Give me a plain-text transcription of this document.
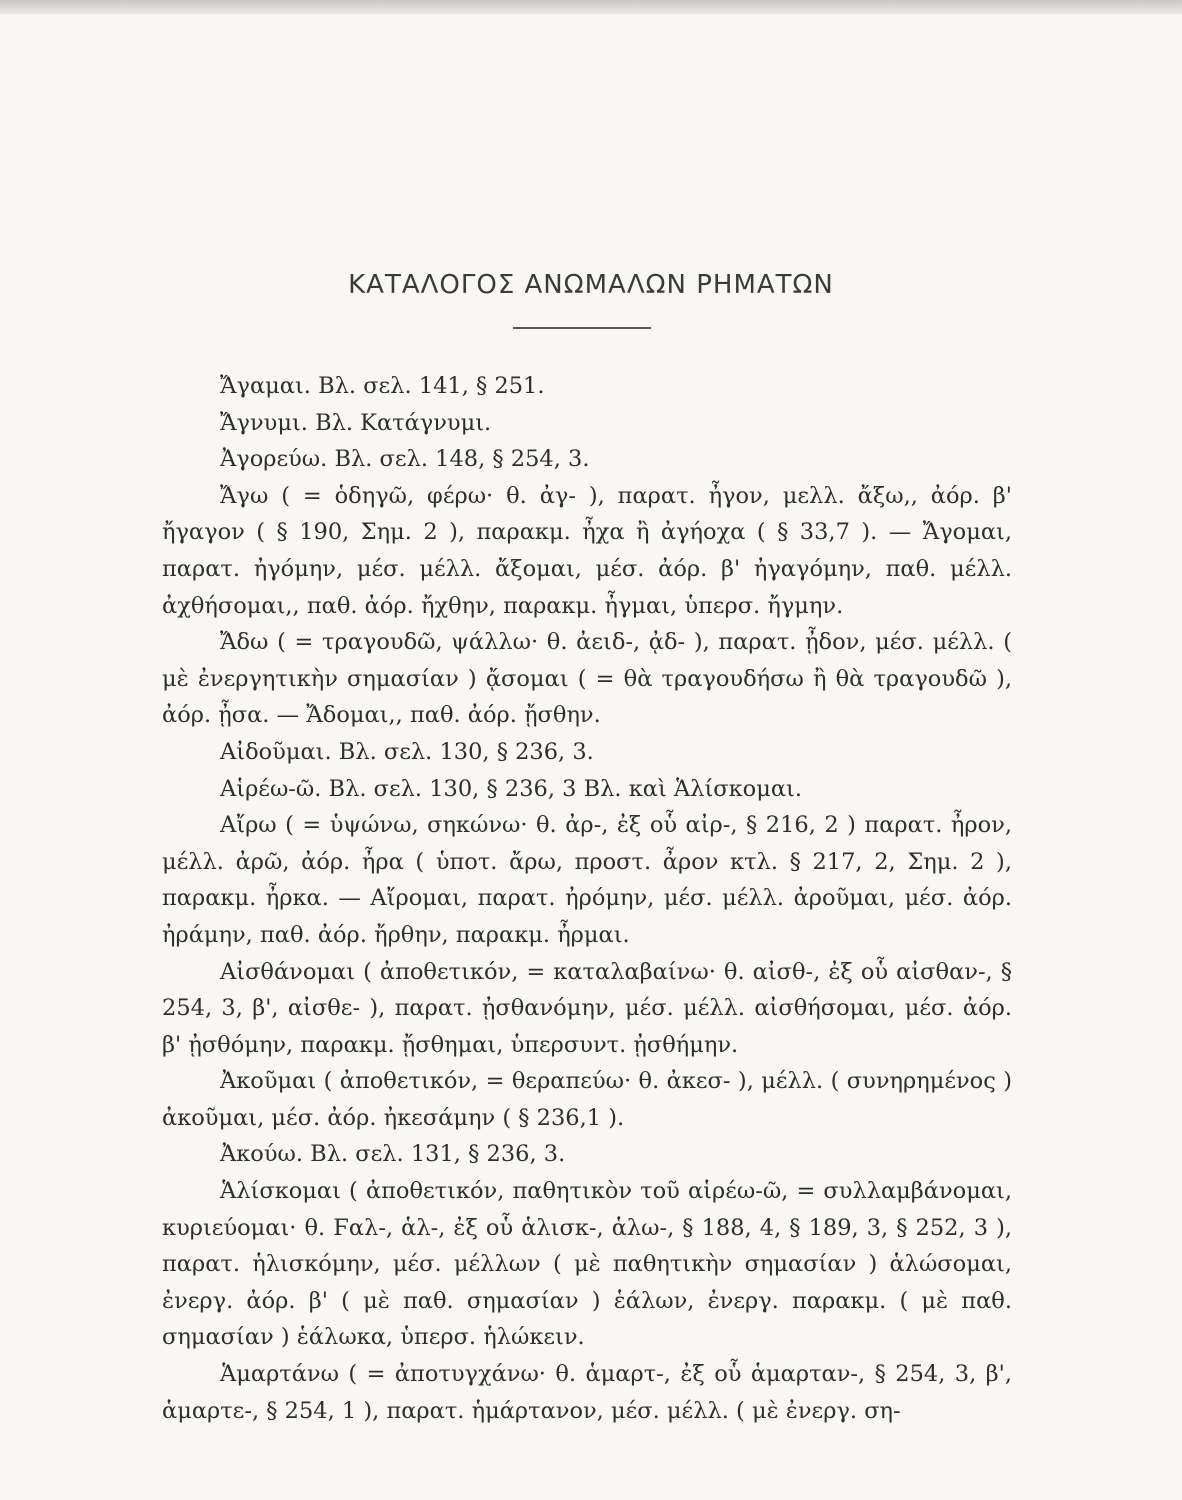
ΚΑΤΑΛΟΓΟΣ ΑΝΩΜΑΛΩΝ ΡΗΜΑΤΩΝ

Ἄγαμαι. Βλ. σελ. 141, § 251.

Ἄγνυμι. Βλ. Κατάγνυμι.

Ἀγορεύω. Βλ. σελ. 148, § 254, 3.

Ἄγω ( = ὁδηγῶ, φέρω· θ. ἀγ- ), παρατ. ἦγον, μελλ. ἄξω,, ἀόρ. β' ἤγαγον ( § 190, Σημ. 2 ), παρακμ. ἦχα ἢ ἀγήοχα ( § 33,7 ). — Ἄγομαι, παρατ. ἠγόμην, μέσ. μέλλ. ἄξομαι, μέσ. ἀόρ. β' ἠγαγόμην, παθ. μέλλ. ἀχθήσομαι,, παθ. ἀόρ. ἤχθην, παρακμ. ἦγμαι, ὑπερσ. ἤγμην.

Ἄδω ( = τραγουδῶ, ψάλλω· θ. ἀειδ-, ᾀδ- ), παρατ. ᾖδον, μέσ. μέλλ. ( μὲ ἐνεργητικὴν σημασίαν ) ᾄσομαι ( = θὰ τραγουδήσω ἢ θὰ τραγουδῶ ), ἀόρ. ᾖσα. — Ἄδομαι,, παθ. ἀόρ. ᾔσθην.

Αἰδοῦμαι. Βλ. σελ. 130, § 236, 3.

Αἱρέω-ῶ. Βλ. σελ. 130, § 236, 3 Βλ. καὶ Ἁλίσκομαι.

Αἴρω ( = ὑψώνω, σηκώνω· θ. ἀρ-, ἐξ οὗ αἰρ-, § 216, 2 ) παρατ. ἦρον, μέλλ. ἀρῶ, ἀόρ. ἦρα ( ὑποτ. ἄρω, προστ. ἆρον κτλ. § 217, 2, Σημ. 2 ), παρακμ. ἦρκα. — Αἴρομαι, παρατ. ἠρόμην, μέσ. μέλλ. ἀροῦμαι, μέσ. ἀόρ. ἠράμην, παθ. ἀόρ. ἤρθην, παρακμ. ἦρμαι.

Αἰσθάνομαι ( ἀποθετικόν, = καταλαβαίνω· θ. αἰσθ-, ἐξ οὗ αἰσθαν-, § 254, 3, β', αἰσθε- ), παρατ. ᾐσθανόμην, μέσ. μέλλ. αἰσθήσομαι, μέσ. ἀόρ. β' ᾐσθόμην, παρακμ. ᾔσθημαι, ὑπερσυντ. ᾐσθήμην.

Ἀκοῦμαι ( ἀποθετικόν, = θεραπεύω· θ. ἀκεσ- ), μέλλ. ( συνηρημένος ) ἀκοῦμαι, μέσ. ἀόρ. ἠκεσάμην ( § 236,1 ).

Ἀκούω. Βλ. σελ. 131, § 236, 3.

Ἁλίσκομαι ( ἀποθετικόν, παθητικὸν τοῦ αἱρέω-ῶ, = συλλαμβάνομαι, κυριεύομαι· θ. Ϝαλ-, ἁλ-, ἐξ οὗ ἁλισκ-, ἁλω-, § 188, 4, § 189, 3, § 252, 3 ), παρατ. ἡλισκόμην, μέσ. μέλλων ( μὲ παθητικὴν σημασίαν ) ἁλώσομαι, ἐνεργ. ἀόρ. β' ( μὲ παθ. σημασίαν ) ἑάλων, ἐνεργ. παρακμ. ( μὲ παθ. σημασίαν ) ἑάλωκα, ὑπερσ. ἡλώκειν.

Ἁμαρτάνω ( = ἀποτυγχάνω· θ. ἁμαρτ-, ἐξ οὗ ἁμαρταν-, § 254, 3, β', ἁμαρτε-, § 254, 1 ), παρατ. ἡμάρτανον, μέσ. μέλλ. ( μὲ ἐνεργ. ση-
